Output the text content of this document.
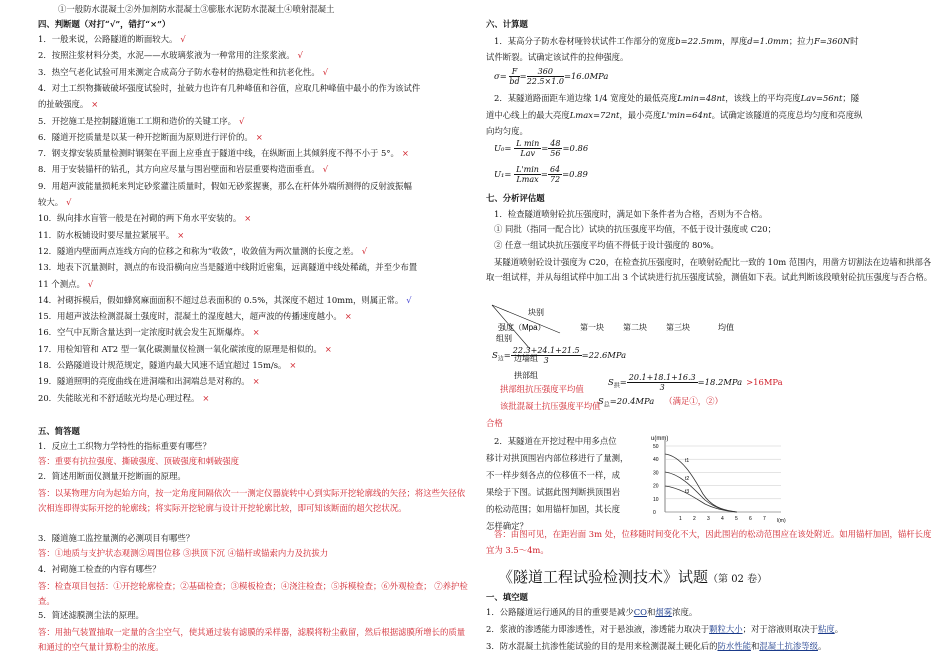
①一般防水混凝土②外加剂防水混凝土③膨胀水泥防水混凝土④喷射混凝土
四、判断题（对打“√”，错打“×”）
1．一般来说，公路隧道的断面较大。 √
2．按照注浆材料分类，水泥——水玻璃浆液为一种常用的注浆浆液。 √
3．热空气老化试验可用来测定合成高分子防水卷材的热稳定性和抗老化性。 √
4．对土工织物撕破破坏强度试验时，扯破力也许有几种峰值和谷值，应取几种峰值中最小的作为该试件
的扯破强度。 ×
5．开挖施工是控制隧道施工工期和造价的关键工序。 √
6．隧道开挖质量是以某一种开挖断面为原则进行评价的。 ×
7．钢支撑安装质量检测时钢架在平面上应垂直于隧道中线，在纵断面上其倾斜度不得不小于 5°。 ×
8．用于安装锚杆的钻孔，其方向应尽量与围岩壁面和岩层重要构造面垂直。 √
9．用超声波能量损耗来判定砂浆灌注质量时，假如无砂浆握裹，那么在杆体外端所测得的反射波振幅
较大。 √
10．纵向排水盲管一般是在衬砌的两下角水平安装的。 ×
11．防水板铺设时要尽量拉紧展平。 ×
12．隧道内壁面两点连线方向的位移之和称为“收敛”，收敛值为两次量测的长度之差。 √
13．地表下沉量测时，测点的布设沿横向应当是隧道中线附近密集，远离隧道中线处稀疏，并至少布置
11 个测点。 √
14．衬砌拆模后，假如蜂窝麻面面积不超过总表面积的 0.5%，其深度不超过 10mm，则属正常。 √
15．用超声波法检测混凝土强度时，混凝土的湿度越大，超声波的传播速度越小。 ×
16．空气中瓦斯含量达到一定浓度时就会发生瓦斯爆炸。 ×
17．用检知管和 AT2 型一氧化碳测量仪检测一氧化碳浓度的原理是相似的。 ×
18．公路隧道设计规范规定，隧道内最大风速不适宜超过 15m/s。 ×
19．隧道照明的亮度曲线在进洞端和出洞端总是对称的。 ×
20．失能眩光和不舒适眩光均是心理过程。 ×
五、简答题
1．反应土工织物力学特性的指标重要有哪些？
答：重要有抗拉强度、撕破强度、顶破强度和刺破强度
2．简述用断面仪测量开挖断面的原理。
答：以某物理方向为起始方向，按一定角度间隔依次一一测定仪器旋转中心到实际开挖轮廓线的矢径；将这些矢径依次相连即得实际开挖的轮廓线；将实际开挖轮廓与设计开挖轮廓比较，即可知该断面的超欠挖状况。
3．隧道施工监控量测的必测项目有哪些？
答：①地质与支护状态观测②周围位移 ③拱顶下沉 ④锚杆或锚索内力及抗拔力
4．衬砌施工检查的内容有哪些？
答：检查项目包括：①开挖轮廓检查；②基础检查；③模板检查；④浇注检查；⑤拆模检查；⑥外观检查； ⑦养护检查。
5．简述滤膜测尘法的原理。
答：用抽气装置抽取一定量的含尘空气，使其通过装有滤膜的采样器，滤膜将粉尘截留，然后根据滤膜所增长的质量和通过的空气量计算粉尘的浓度。
六、计算题
1．某高分子防水卷材哑铃状试件工作部分的宽度b=22.5mm，厚度d=1.0mm；拉力F=360N时
试件断裂。试确定该试件的拉伸强度。
$\sigma= \frac{F}{bd} = \frac{360}{22.5\times 1.0} =16.0MPa$
2．某隧道路面距车道边缘 1/4 宽度处的最低亮度Lmin=48nt，该线上的平均亮度Lav=56nt；隧
道中心线上的最大亮度Lmax=72nt，最小亮度L'min=64nt。试确定该隧道的亮度总均匀度和亮度纵
向均匀度。
$U_0= \frac{\text{L min}}{\text{Lav}} = \frac{48}{56} =0.86$
$U_1= \frac{L'\min}{Lmax} = \frac{64}{72} =0.89$
七、分析评估题
1．检查隧道喷射砼抗压强度时，满足如下条件者为合格，否则为不合格。
① 同批（指同一配合比）试块的抗压强度平均值，不低于设计强度或 C20；
② 任意一组试块抗压强度平均值不得低于设计强度的 80%。
某隧道喷射砼设计强度为 C20，在检查抗压强度时，在喷射砼配比一致的 10m 范围内，用凿方切割法在边墙和拱部各取一组试样，并从每组试样中加工出 3 个试块进行抗压强度试验，测值如下表。试此判断该段喷射砼抗压强度与否合格。
块别
强度（Mpa）
组别
第一块 第二块 第三块	均值
边墙组
拱部组
$S_边= \frac{22.3+24.1+21.5}{3} =22.6MPa$
$S_拱= \frac{20.1+18.1+16.3}{3} =18.2MPa >16MPa$
拱部组抗压强度平均值
$S_总=20.4MPa$ （满足①，②）
该批混凝土抗压强度平均值
合格
2．某隧道在开挖过程中用多点位
移计对拱顶围岩内部位移进行了量测，
不一样步刻各点的位移值不一样，成
果绘于下图。试据此图判断拱顶围岩
的松动范围；如用锚杆加固，其长度
怎样确定？
u(mm)
50
40
30
20
10
0
1 2 3 4 5 6 7
t1
t2
t3
l(m)
答：由图可见，在距岩面 3m 处，位移随时间变化不大，因此围岩的松动范围应在该处附近。如用锚杆加固，锚杆长度宜为 3.5～4m。
《隧道工程试验检测技术》试题（第 02 卷）
一、填空题
1．公路隧道运行通风的目的重要是减少CO和烟雾浓度。
2．浆液的渗透能力即渗透性，对于悬浊液，渗透能力取决于颗粒大小；对于溶液则取决于粘度。
3．防水混凝土抗渗性能试验的目的是用来检测混凝土硬化后的防水性能和混凝土抗渗等级。
